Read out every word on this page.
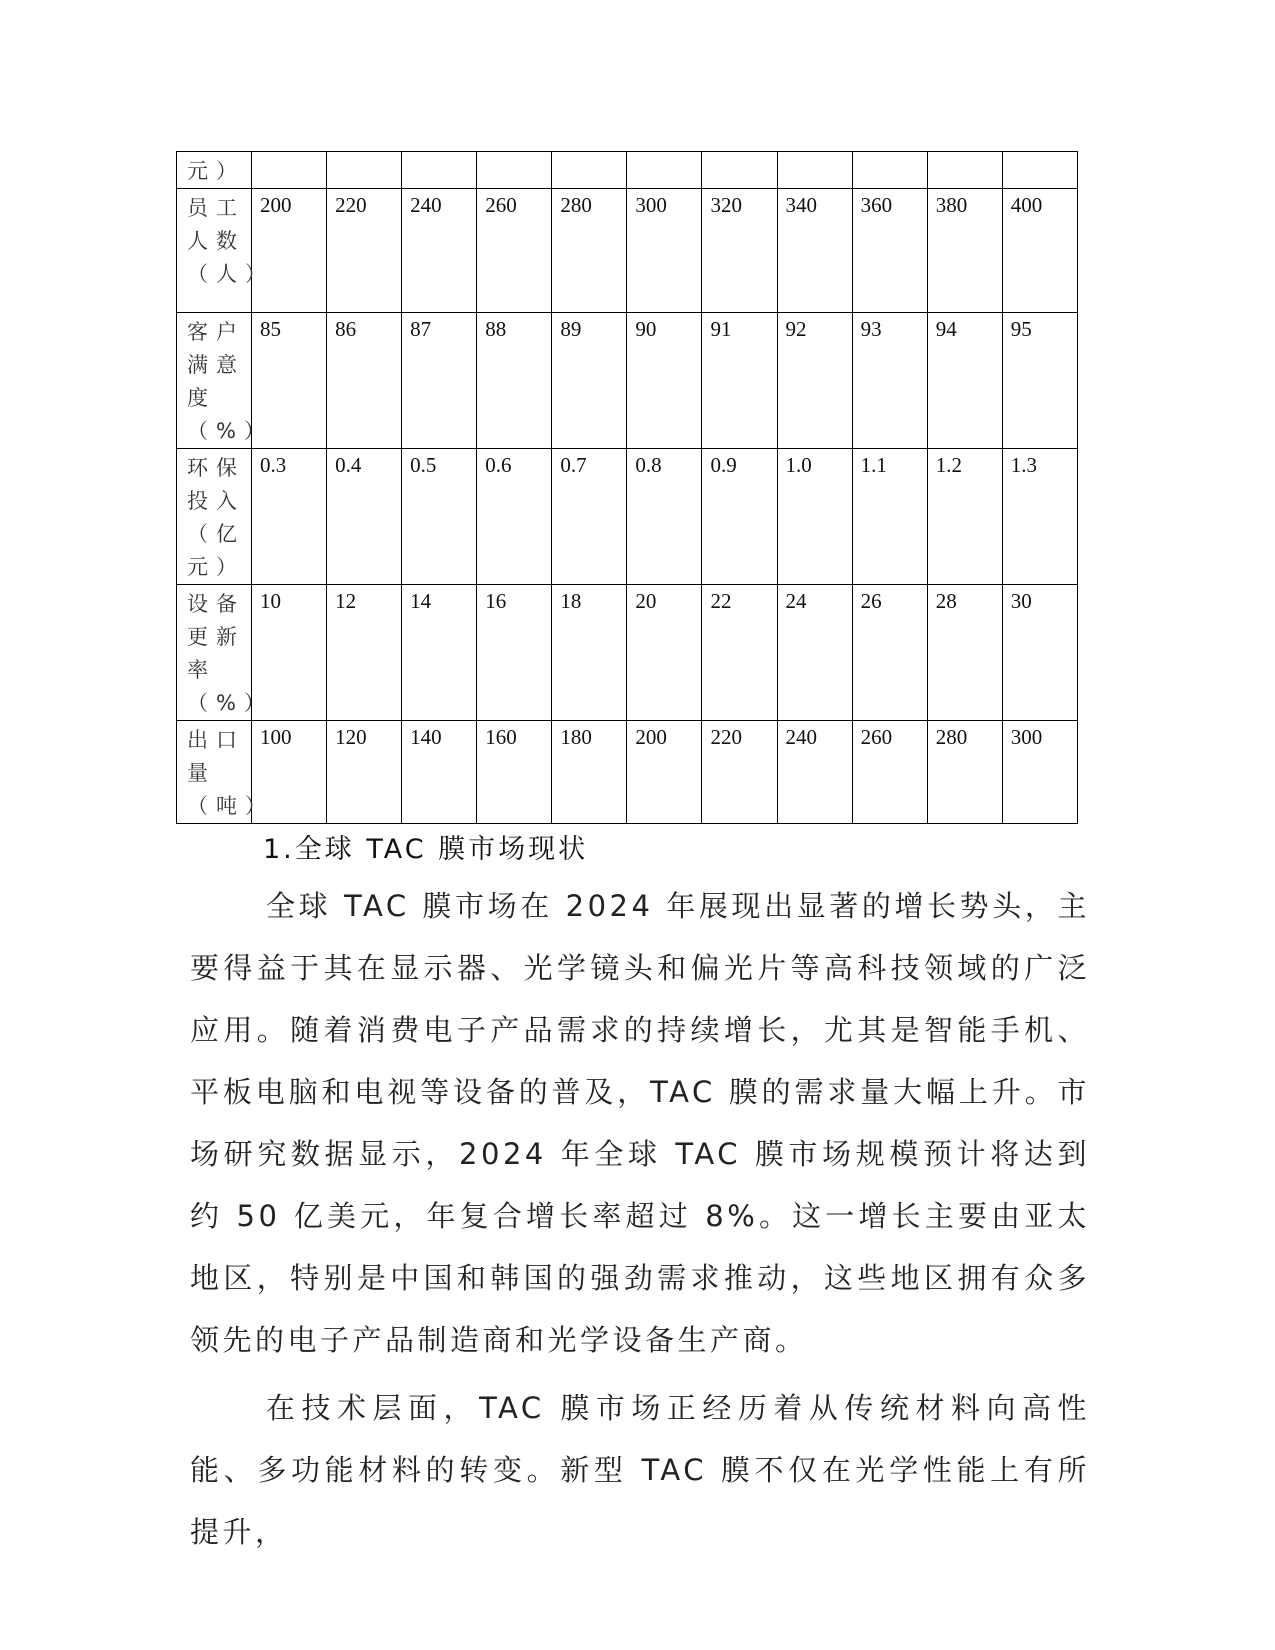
元）											
员工人数（人）	200	220	240	260	280	300	320	340	360	380	400
客户满意度（%）	85	86	87	88	89	90	91	92	93	94	95
环保投入（亿元）	0.3	0.4	0.5	0.6	0.7	0.8	0.9	1.0	1.1	1.2	1.3
设备更新率（%）	10	12	14	16	18	20	22	24	26	28	30
出口量（吨）	100	120	140	160	180	200	220	240	260	280	300
1.全球 TAC 膜市场现状

全球 TAC 膜市场在 2024 年展现出显著的增长势头，主要得益于其在显示器、光学镜头和偏光片等高科技领域的广泛应用。随着消费电子产品需求的持续增长，尤其是智能手机、平板电脑和电视等设备的普及，TAC 膜的需求量大幅上升。市场研究数据显示，2024 年全球 TAC 膜市场规模预计将达到约 50 亿美元，年复合增长率超过 8%。这一增长主要由亚太地区，特别是中国和韩国的强劲需求推动，这些地区拥有众多领先的电子产品制造商和光学设备生产商。

在技术层面，TAC 膜市场正经历着从传统材料向高性能、多功能材料的转变。新型 TAC 膜不仅在光学性能上有所提升，
